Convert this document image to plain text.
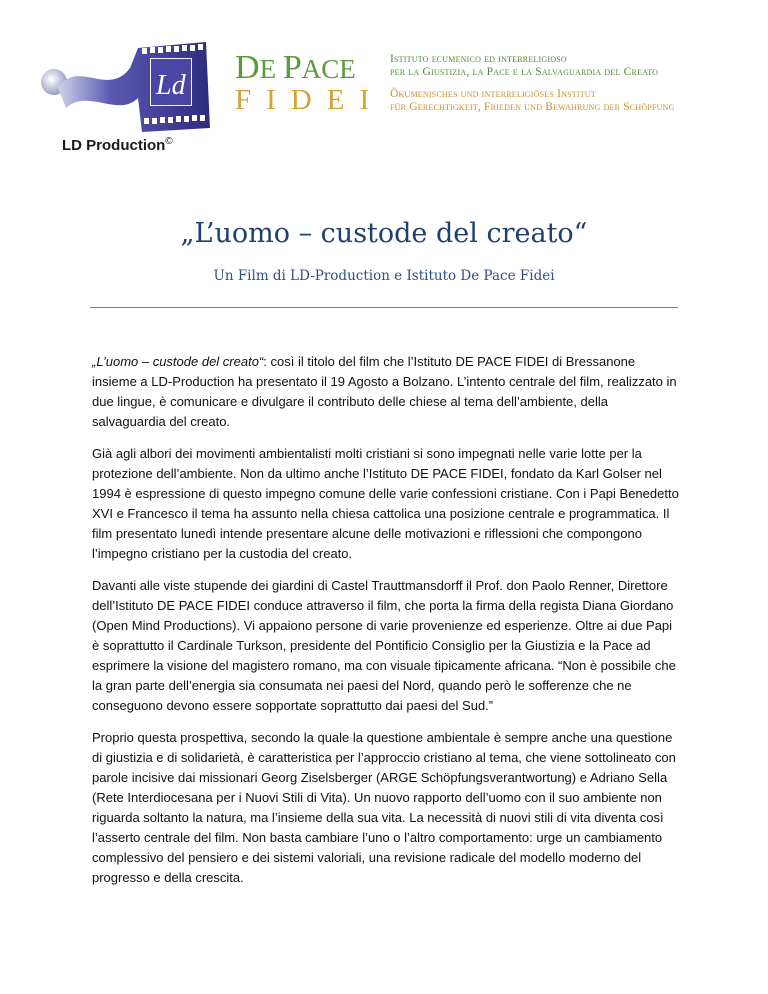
Ld
LD Production©
DE PACE
FIDEI
Istituto ecumenico ed interreligioso
per la Giustizia, la Pace e la Salvaguardia del Creato
Ökumenisches und interreligiöses Institut
für Gerechtigkeit, Frieden und Bewahrung der Schöpfung
„L’uomo – custode del creato“
Un Film di LD-Production e Istituto De Pace Fidei

„L’uomo – custode del creato“: così il titolo del film che l’Istituto DE PACE FIDEI di Bressanone insieme a LD-Production ha presentato il 19 Agosto a Bolzano. L’intento centrale del film, realizzato in due lingue, è comunicare e divulgare il contributo delle chiese al tema dell’ambiente, della salvaguardia del creato.

Già agli albori dei movimenti ambientalisti molti cristiani si sono impegnati nelle varie lotte per la protezione dell’ambiente. Non da ultimo anche l’Istituto DE PACE FIDEI, fondato da Karl Golser nel 1994 è espressione di questo impegno comune delle varie confessioni cristiane. Con i Papi Benedetto XVI e Francesco il tema ha assunto nella chiesa cattolica una posizione centrale e programmatica. Il film presentato lunedì intende presentare alcune delle motivazioni e riflessioni che compongono l’impegno cristiano per la custodia del creato.

Davanti alle viste stupende dei giardini di Castel Trauttmansdorff il Prof. don Paolo Renner, Direttore dell’Istituto DE PACE FIDEI conduce attraverso il film, che porta la firma della regista Diana Giordano (Open Mind Productions). Vi appaiono persone di varie provenienze ed esperienze. Oltre ai due Papi è soprattutto il Cardinale Turkson, presidente del Pontificio Consiglio per la Giustizia e la Pace ad esprimere la visione del magistero romano, ma con visuale tipicamente africana. “Non è possibile che la gran parte dell’energia sia consumata nei paesi del Nord, quando però le sofferenze che ne conseguono devono essere sopportate soprattutto dai paesi del Sud.”

Proprio questa prospettiva, secondo la quale la questione ambientale è sempre anche una questione di giustizia e di solidarietà, è caratteristica per l’approccio cristiano al tema, che viene sottolineato con parole incisive dai missionari Georg Ziselsberger (ARGE Schöpfungsverantwortung) e Adriano Sella (Rete Interdiocesana per i Nuovi Stili di Vita). Un nuovo rapporto dell’uomo con il suo ambiente non riguarda soltanto la natura, ma l’insieme della sua vita. La necessità di nuovi stili di vita diventa così l’asserto centrale del film. Non basta cambiare l’uno o l’altro comportamento: urge un cambiamento complessivo del pensiero e dei sistemi valoriali, una revisione radicale del modello moderno del progresso e della crescita.
